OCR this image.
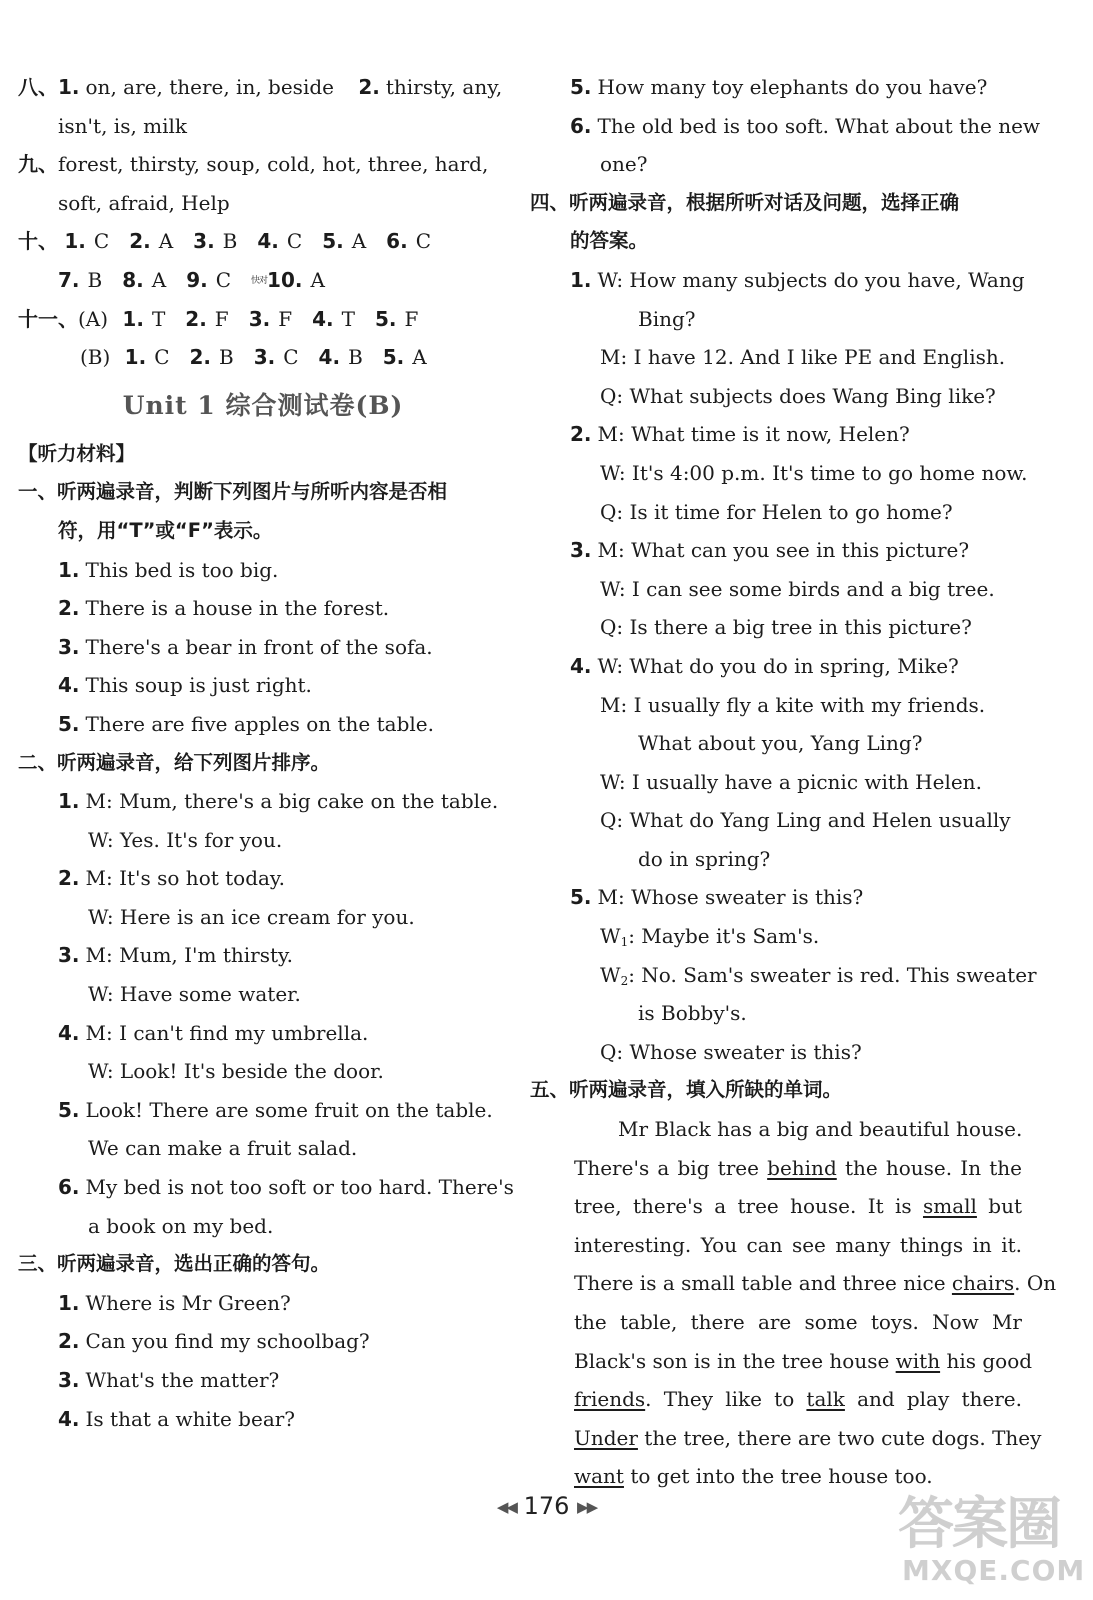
八、1. on, are, there, in, beside 2. thirsty, any,
isn't, is, milk
九、forest, thirsty, soup, cold, hot, three, hard,
soft, afraid, Help
十、 1. C 2. A 3. B 4. C 5. A 6. C
7. B 8. A 9. C $^{快对}$10. A
十一、(A) 1. T 2. F 3. F 4. T 5. F
(B) 1. C 2. B 3. C 4. B 5. A
Unit 1 综合测试卷(B)
【听力材料】
一、听两遍录音，判断下列图片与所听内容是否相
符，用“T”或“F”表示。
1. This bed is too big.
2. There is a house in the forest.
3. There's a bear in front of the sofa.
4. This soup is just right.
5. There are five apples on the table.
二、听两遍录音，给下列图片排序。
1. M: Mum, there's a big cake on the table.
W: Yes. It's for you.
2. M: It's so hot today.
W: Here is an ice cream for you.
3. M: Mum, I'm thirsty.
W: Have some water.
4. M: I can't find my umbrella.
W: Look! It's beside the door.
5. Look! There are some fruit on the table.
We can make a fruit salad.
6. My bed is not too soft or too hard. There's
a book on my bed.
三、听两遍录音，选出正确的答句。
1. Where is Mr Green?
2. Can you find my schoolbag?
3. What's the matter?
4. Is that a white bear?
5. How many toy elephants do you have?
6. The old bed is too soft. What about the new
one?
四、听两遍录音，根据所听对话及问题，选择正确
的答案。
1. W: How many subjects do you have, Wang
Bing?
M: I have 12. And I like PE and English.
Q: What subjects does Wang Bing like?
2. M: What time is it now, Helen?
W: It's 4:00 p.m. It's time to go home now.
Q: Is it time for Helen to go home?
3. M: What can you see in this picture?
W: I can see some birds and a big tree.
Q: Is there a big tree in this picture?
4. W: What do you do in spring, Mike?
M: I usually fly a kite with my friends.
What about you, Yang Ling?
W: I usually have a picnic with Helen.
Q: What do Yang Ling and Helen usually
do in spring?
5. M: Whose sweater is this?
$W_1$: Maybe it's Sam's.
$W_2$: No. Sam's sweater is red. This sweater
is Bobby's.
Q: Whose sweater is this?
五、听两遍录音，填入所缺的单词。
Mr Black has a big and beautiful house.
There's a big tree behind the house. In the
tree, there's a tree house. It is small but
interesting. You can see many things in it.
There is a small table and three nice chairs. On
the table, there are some toys. Now Mr
Black's son is in the tree house with his good
friends. They like to talk and play there.
Under the tree, there are two cute dogs. They
want to get into the tree house too.
◀◀ 176 ▶▶	答案圈
MXQE.COM
